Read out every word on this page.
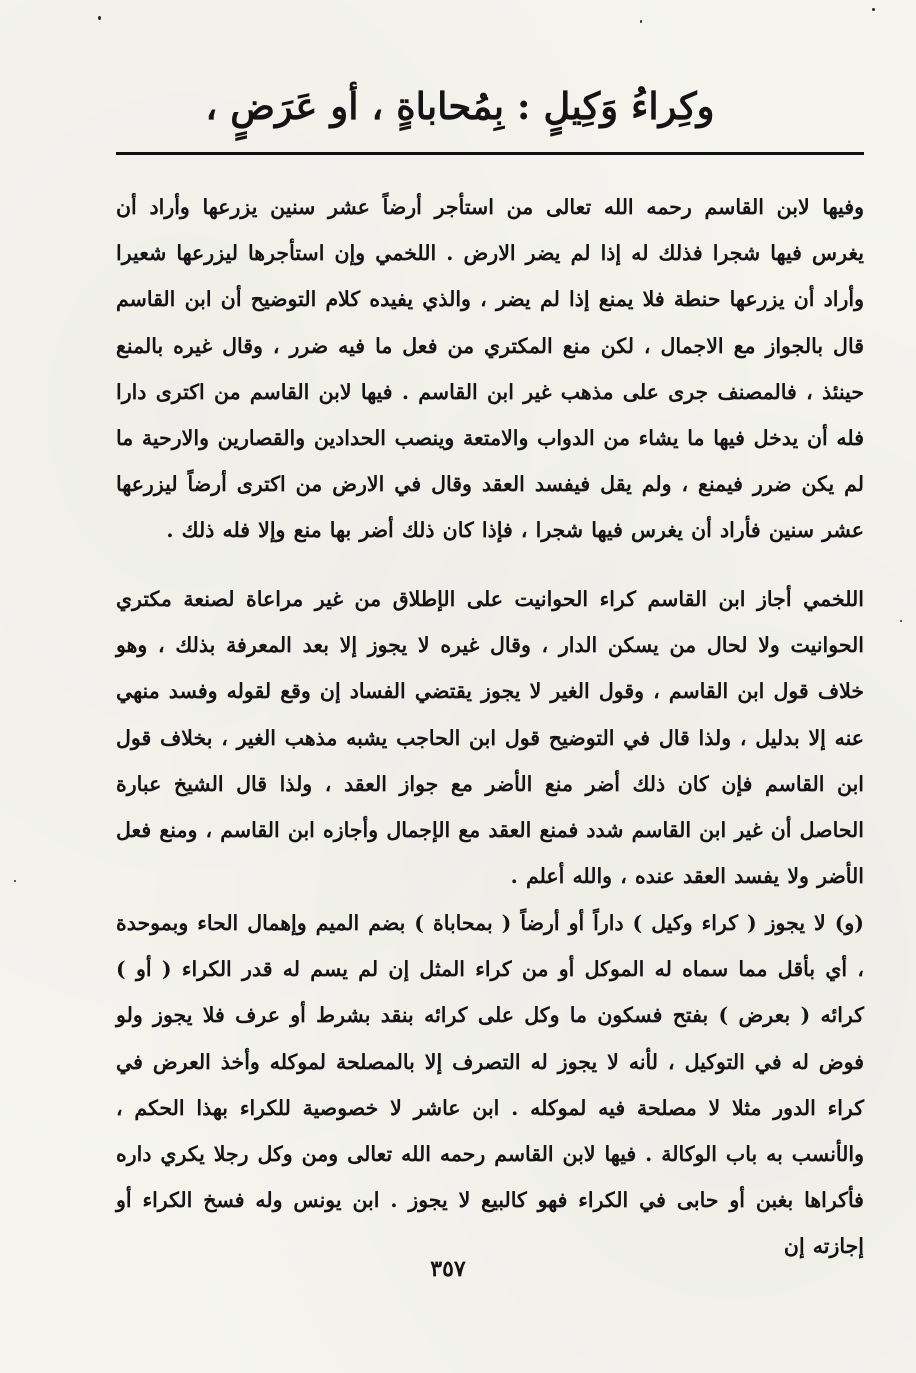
وكِراءُ وَكِيلٍ : بِمُحاباةٍ ، أو عَرَضٍ ،
وفيها لابن القاسم رحمه الله تعالى من استأجر أرضاً عشر سنين يزرعها وأراد أن يغرس فيها شجرا فذلك له إذا لم يضر الارض . اللخمي وإن استأجرها ليزرعها شعيرا وأراد أن يزرعها حنطة فلا يمنع إذا لم يضر ، والذي يفيده كلام التوضيح أن ابن القاسم قال بالجواز مع الاجمال ، لكن منع المكتري من فعل ما فيه ضرر ، وقال غيره بالمنع حينئذ ، فالمصنف جرى على مذهب غير ابن القاسم . فيها لابن القاسم من اكترى دارا فله أن يدخل فيها ما يشاء من الدواب والامتعة وينصب الحدادين والقصارين والارحية ما لم يكن ضرر فيمنع ، ولم يقل فيفسد العقد وقال في الارض من اكترى أرضاً ليزرعها عشر سنين فأراد أن يغرس فيها شجرا ، فإذا كان ذلك أضر بها منع وإلا فله ذلك .
اللخمي أجاز ابن القاسم كراء الحوانيت على الإطلاق من غير مراعاة لصنعة مكتري الحوانيت ولا لحال من يسكن الدار ، وقال غيره لا يجوز إلا بعد المعرفة بذلك ، وهو خلاف قول ابن القاسم ، وقول الغير لا يجوز يقتضي الفساد إن وقع لقوله وفسد منهي عنه إلا بدليل ، ولذا قال في التوضيح قول ابن الحاجب يشبه مذهب الغير ، بخلاف قول ابن القاسم فإن كان ذلك أضر منع الأضر مع جواز العقد ، ولذا قال الشيخ عبارة الحاصل أن غير ابن القاسم شدد فمنع العقد مع الإجمال وأجازه ابن القاسم ، ومنع فعل الأضر ولا يفسد العقد عنده ، والله أعلم .
(و) لا يجوز ( كراء وكيل ) داراً أو أرضاً ( بمحاباة ) بضم الميم وإهمال الحاء وبموحدة ، أي بأقل مما سماه له الموكل أو من كراء المثل إن لم يسم له قدر الكراء ( أو ) كرائه ( بعرض ) بفتح فسكون ما وكل على كرائه بنقد بشرط أو عرف فلا يجوز ولو فوض له في التوكيل ، لأنه لا يجوز له التصرف إلا بالمصلحة لموكله وأخذ العرض في كراء الدور مثلا لا مصلحة فيه لموكله . ابن عاشر لا خصوصية للكراء بهذا الحكم ، والأنسب به باب الوكالة . فيها لابن القاسم رحمه الله تعالى ومن وكل رجلا يكري داره فأكراها بغبن أو حابى في الكراء فهو كالبيع لا يجوز . ابن يونس وله فسخ الكراء أو إجازته إن
٣٥٧
